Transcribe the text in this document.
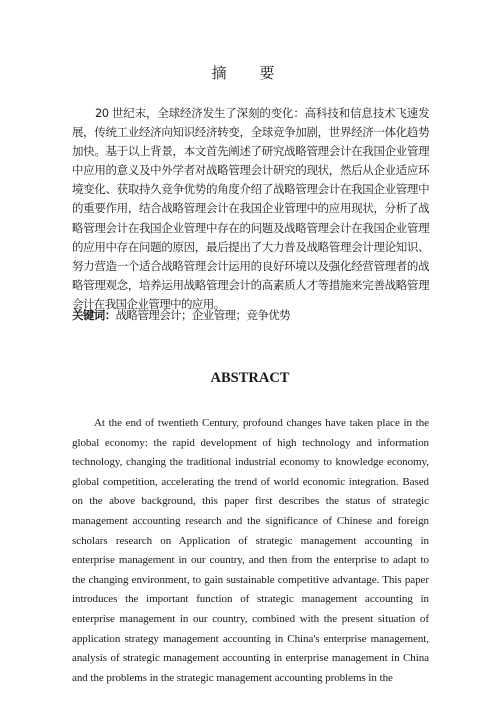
摘 要

20 世纪末，全球经济发生了深刻的变化：高科技和信息技术飞速发展，传统工业经济向知识经济转变，全球竞争加剧，世界经济一体化趋势加快。基于以上背景，本文首先阐述了研究战略管理会计在我国企业管理中应用的意义及中外学者对战略管理会计研究的现状，然后从企业适应环境变化、获取持久竞争优势的角度介绍了战略管理会计在我国企业管理中的重要作用，结合战略管理会计在我国企业管理中的应用现状，分析了战略管理会计在我国企业管理中存在的问题及战略管理会计在我国企业管理的应用中存在问题的原因，最后提出了大力普及战略管理会计理论知识、努力营造一个适合战略管理会计运用的良好环境以及强化经营管理者的战略管理观念，培养运用战略管理会计的高素质人才等措施来完善战略管理会计在我国企业管理中的应用。

关键词：战略管理会计；企业管理；竞争优势
ABSTRACT

At the end of twentieth Century, profound changes have taken place in the global economy: the rapid development of high technology and information technology, changing the traditional industrial economy to knowledge economy, global competition, accelerating the trend of world economic integration. Based on the above background, this paper first describes the status of strategic management accounting research and the significance of Chinese and foreign scholars research on Application of strategic management accounting in enterprise management in our country, and then from the enterprise to adapt to the changing environment, to gain sustainable competitive advantage. This paper introduces the important function of strategic management accounting in enterprise management in our country, combined with the present situation of application strategy management accounting in China's enterprise management, analysis of strategic management accounting in enterprise management in China and the problems in the strategic management accounting problems in the
